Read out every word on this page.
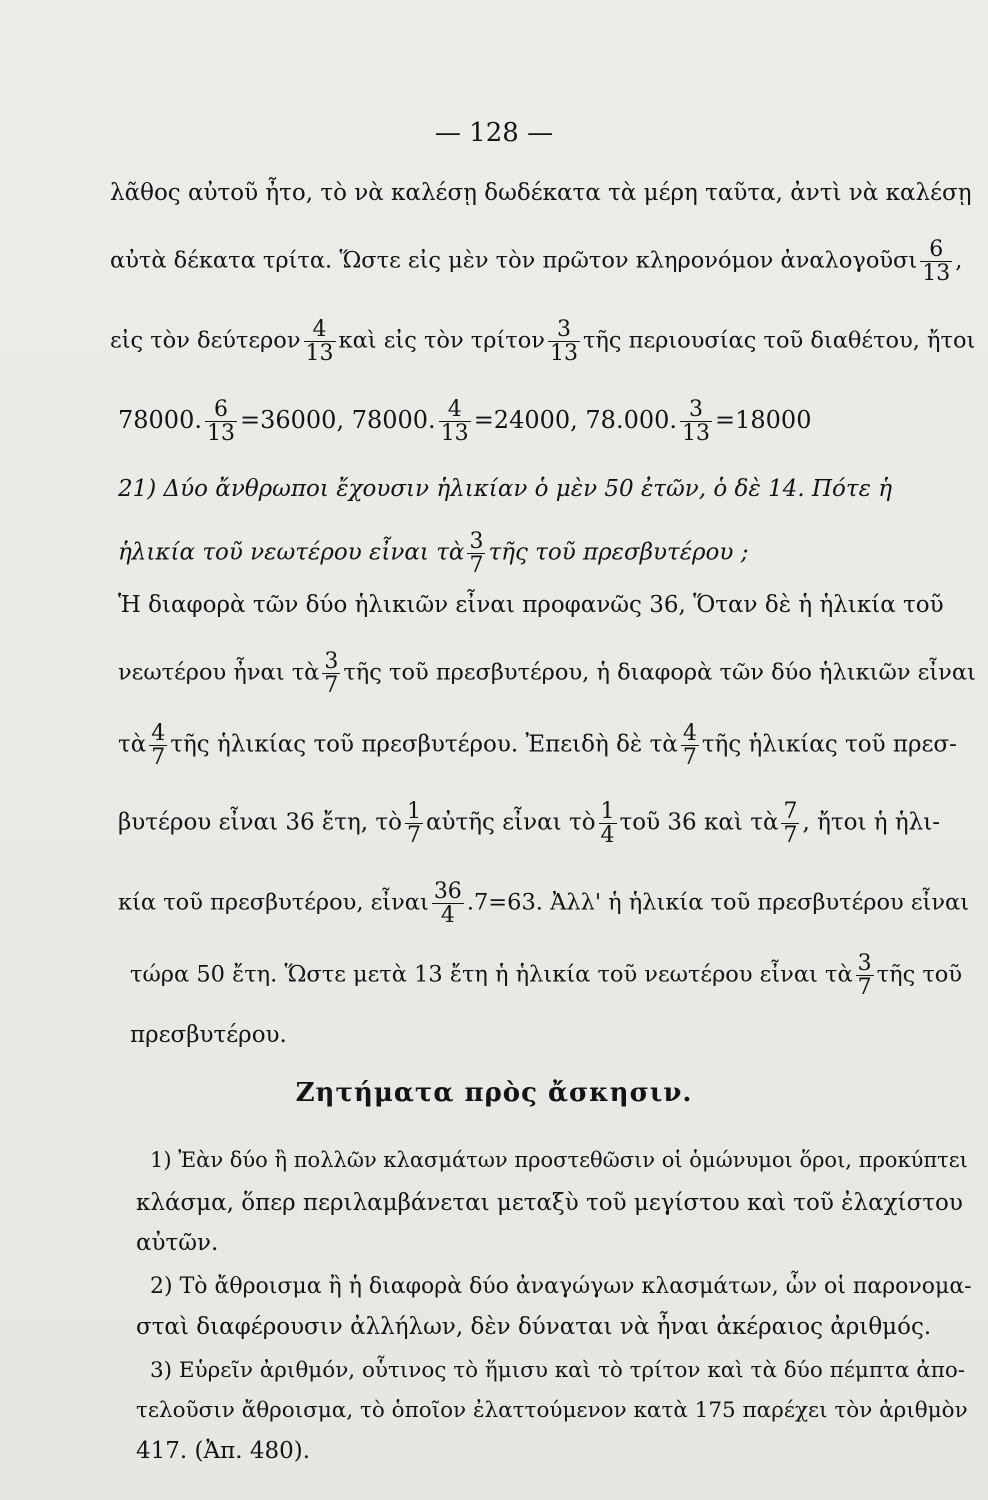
— 128 —
λᾶθος αὐτοῦ ἦτο, τὸ νὰ καλέσῃ δωδέκατα τὰ μέρη ταῦτα, ἀντὶ νὰ καλέσῃ
αὐτὰ δέκατα τρίτα. Ὥστε εἰς μὲν τὸν πρῶτον κληρονόμον ἀναλογοῦσι $\frac{6}{13}$ ,
εἰς τὸν δεύτερον $\frac{4}{13}$ καὶ εἰς τὸν τρίτον $\frac{3}{13}$ τῆς περιουσίας τοῦ διαθέτου, ἤτοι
78000. $\frac{6}{13} =36000$, 78000. $\frac{4}{13} =24000$, 78.000. $\frac{3}{13} =18000$
21) Δύο ἄνθρωποι ἔχουσιν ἡλικίαν ὁ μὲν 50 ἐτῶν, ὁ δὲ 14. Πότε ἡ
ἡλικία τοῦ νεωτέρου εἶναι τὰ $\frac{3}{7}$ τῆς τοῦ πρεσβυτέρου ;
Ἡ διαφορὰ τῶν δύο ἡλικιῶν εἶναι προφανῶς 36, Ὅταν δὲ ἡ ἡλικία τοῦ
νεωτέρου ἦναι τὰ $\frac{3}{7}$ τῆς τοῦ πρεσβυτέρου, ἡ διαφορὰ τῶν δύο ἡλικιῶν εἶναι
τὰ $\frac{4}{7}$ τῆς ἡλικίας τοῦ πρεσβυτέρου. Ἐπειδὴ δὲ τὰ $\frac{4}{7}$ τῆς ἡλικίας τοῦ πρεσ-
βυτέρου εἶναι 36 ἔτη, τὸ $\frac{1}{7}$ αὐτῆς εἶναι τὸ $\frac{1}{4}$ τοῦ 36 καὶ τὰ $\frac{7}{7}$ , ἤτοι ἡ ἡλι-
κία τοῦ πρεσβυτέρου, εἶναι $\frac{36}{4} .7=63$. Ἀλλ' ἡ ἡλικία τοῦ πρεσβυτέρου εἶναι
τώρα 50 ἔτη. Ὥστε μετὰ 13 ἔτη ἡ ἡλικία τοῦ νεωτέρου εἶναι τὰ $\frac{3}{7}$ τῆς τοῦ
πρεσβυτέρου.
Ζητήματα πρὸς ἄσκησιν.
1) Ἐὰν δύο ἢ πολλῶν κλασμάτων προστεθῶσιν οἱ ὁμώνυμοι ὅροι, προκύπτει
κλάσμα, ὅπερ περιλαμβάνεται μεταξὺ τοῦ μεγίστου καὶ τοῦ ἐλαχίστου
αὐτῶν.
2) Τὸ ἄθροισμα ἢ ἡ διαφορὰ δύο ἀναγώγων κλασμάτων, ὧν οἱ παρονομα-
σταὶ διαφέρουσιν ἀλλήλων, δὲν δύναται νὰ ἦναι ἀκέραιος ἀριθμός.
3) Εὑρεῖν ἀριθμόν, οὗτινος τὸ ἥμισυ καὶ τὸ τρίτον καὶ τὰ δύο πέμπτα ἀπο-
τελοῦσιν ἄθροισμα, τὸ ὁποῖον ἐλαττούμενον κατὰ 175 παρέχει τὸν ἀριθμὸν
417. (Ἀπ. 480).
